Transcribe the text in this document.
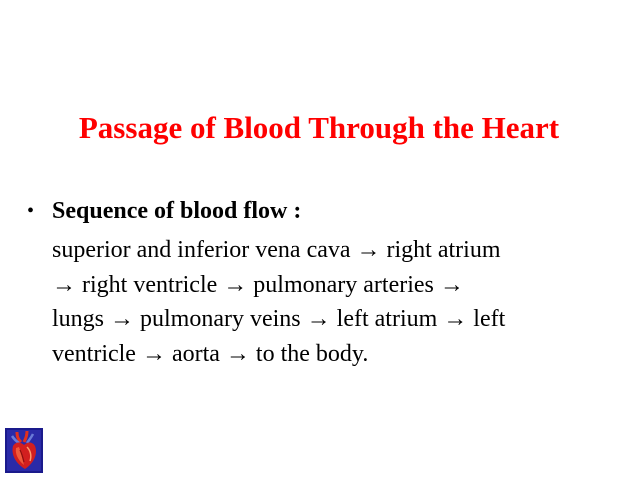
Passage of Blood Through the Heart
• Sequence of blood flow :
superior and inferior vena cava → right atrium
→ right ventricle → pulmonary arteries →
lungs → pulmonary veins → left atrium → left
ventricle → aorta → to the body.
